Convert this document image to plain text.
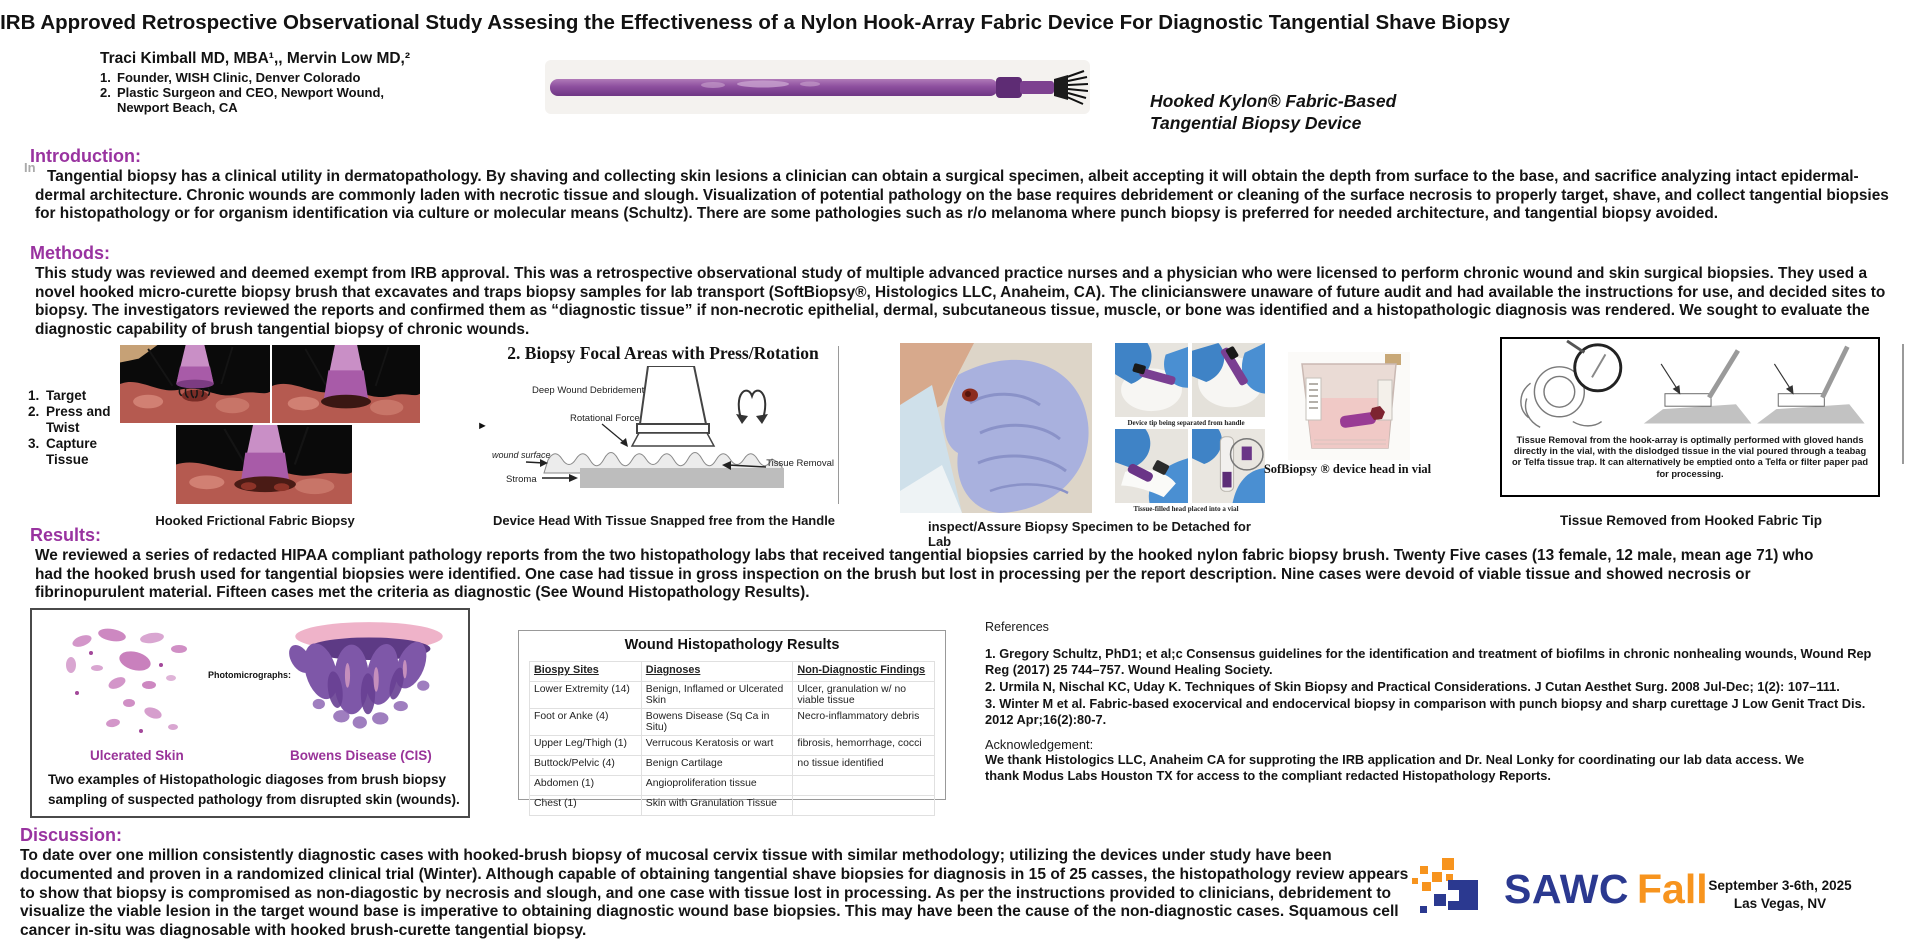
IRB Approved Retrospective Observational Study Assesing the Effectiveness of a Nylon Hook-Array Fabric Device For Diagnostic Tangential Shave Biopsy
Traci Kimball MD, MBA¹,, Mervin Low MD,²
1. Founder, WISH Clinic, Denver Colorado
2. Plastic Surgeon and CEO, Newport Wound,
Newport Beach, CA	Hooked Kylon® Fabric-Based
Tangential Biopsy Device
Introduction:
In
Tangential biopsy has a clinical utility in dermatopathology. By shaving and collecting skin lesions a clinician can obtain a surgical specimen, albeit accepting it will obtain the depth from surface to the base, and sacrifice analyzing intact epidermal-dermal architecture. Chronic wounds are commonly laden with necrotic tissue and slough. Visualization of potential pathology on the base requires debridement or cleaning of the surface necrosis to properly target, shave, and collect tangential biopsies for histopathology or for organism identification via culture or molecular means (Schultz). There are some pathologies such as r/o melanoma where punch biopsy is preferred for needed architecture, and tangential biopsy avoided.
Methods:
This study was reviewed and deemed exempt from IRB approval. This was a retrospective observational study of multiple advanced practice nurses and a physician who were licensed to perform chronic wound and skin surgical biopsies. They used a novel hooked micro-curette biopsy brush that excavates and traps biopsy samples for lab transport (SoftBiopsy®, Histologics LLC, Anaheim, CA). The clinicianswere unaware of future audit and had available the instructions for use, and decided sites to biopsy. The investigators reviewed the reports and confirmed them as “diagnostic tissue” if non-necrotic epithelial, dermal, subcutaneous tissue, muscle, or bone was identified and a histopathologic diagnosis was rendered. We sought to evaluate the diagnostic capability of brush tangential biopsy of chronic wounds.
1. Target
2. Press and Twist
3. Capture Tissue
Hooked Frictional Fabric Biopsy
2. Biopsy Focal Areas with Press/Rotation
Deep Wound Debridement
Rotational Force
wound surface
Stroma
Tissue Removal
►
Device Head With Tissue Snapped free from the Handle	inspect/Assure Biopsy Specimen to be Detached for Lab
Device tip being separated from handle
Tissue-filled head placed into a vial
SofBiopsy ® device head in vial
Tissue Removal from the hook-array is optimally performed with gloved hands directly in the vial, with the dislodged tissue in the vial poured through a teabag or Telfa tissue trap. It can alternatively be emptied onto a Telfa or filter paper pad for processing.
Tissue Removed from Hooked Fabric Tip
Results:
We reviewed a series of redacted HIPAA compliant pathology reports from the two histopathology labs that received tangential biopsies carried by the hooked nylon fabric biopsy brush. Twenty Five cases (13 female, 12 male, mean age 71) who had the hooked brush used for tangential biopsies were identified. One case had tissue in gross inspection on the brush but lost in processing per the report description. Nine cases were devoid of viable tissue and showed necrosis or fibrinopurulent material. Fifteen cases met the criteria as diagnostic (See Wound Histopathology Results).
Photomicrographs:
Ulcerated Skin	Bowens Disease (CIS)
Two examples of Histopathologic diagoses from brush biopsy
sampling of suspected pathology from disrupted skin (wounds).
Wound Histopathology Results
Biospy Sites	Diagnoses	Non-Diagnostic Findings
Lower Extremity (14)	Benign, Inflamed or Ulcerated Skin	Ulcer, granulation w/ no viable tissue
Foot or Anke (4)	Bowens Disease (Sq Ca in Situ)	Necro-inflammatory debris
Upper Leg/Thigh (1)	Verrucous Keratosis or wart	fibrosis, hemorrhage, cocci
Buttock/Pelvic (4)	Benign Cartilage	no tissue identified
Abdomen (1)	Angioproliferation tissue	
Chest (1)	Skin with Granulation Tissue	
References
1. Gregory Schultz, PhD1; et al;c Consensus guidelines for the identification and treatment of biofilms in chronic nonhealing wounds, Wound Rep Reg (2017) 25 744–757. Wound Healing Society.
2. Urmila N, Nischal KC, Uday K. Techniques of Skin Biopsy and Practical Considerations. J Cutan Aesthet Surg. 2008 Jul-Dec; 1(2): 107–111.
3. Winter M et al. Fabric-based exocervical and endocervical biopsy in comparison with punch biopsy and sharp curettage J Low Genit Tract Dis. 2012 Apr;16(2):80-7.
Acknowledgement:
We thank Histologics LLC, Anaheim CA for supproting the IRB application and Dr. Neal Lonky for coordinating our lab data access. We thank Modus Labs Houston TX for access to the compliant redacted Histopathology Reports.
Discussion:
To date over one million consistently diagnostic cases with hooked-brush biopsy of mucosal cervix tissue with similar methodology; utilizing the devices under study have been documented and proven in a randomized clinical trial (Winter). Although capable of obtaining tangential shave biopsies for diagnosis in 15 of 25 casses, the histopathology review appears to show that biopsy is compromised as non-diagostic by necrosis and slough, and one case with tissue lost in processing. As per the instructions provided to clinicians, debridement to visualize the viable lesion in the target wound base is imperative to obtaining diagnostic wound base biopsies. This may have been the cause of the non-diagnostic cases. Squamous cell cancer in-situ was diagnosable with hooked brush-curette tangential biopsy.
SAWC Fall September 3-6th, 2025
Las Vegas, NV
